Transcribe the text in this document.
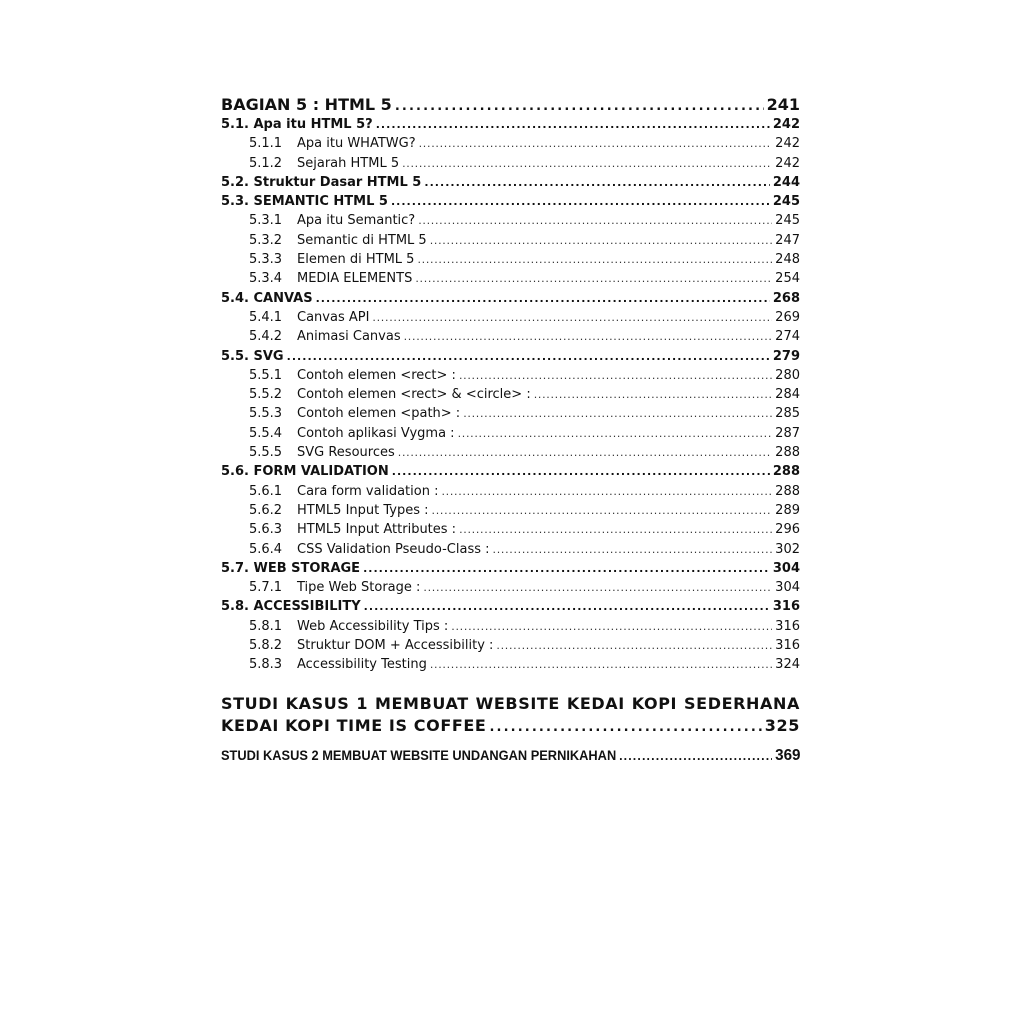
BAGIAN 5 : HTML 5 . . .	241
5.1. Apa itu HTML 5? . . .	242
5.1.1 Apa itu WHATWG? . . .	242
5.1.2 Sejarah HTML 5 . . .	242
5.2. Struktur Dasar HTML 5 . . .	244
5.3. SEMANTIC HTML 5 . . .	245
5.3.1 Apa itu Semantic? . . .	245
5.3.2 Semantic di HTML 5 . . .	247
5.3.3 Elemen di HTML 5 . . .	248
5.3.4 MEDIA ELEMENTS . . .	254
5.4. CANVAS . . .	268
5.4.1 Canvas API . . .	269
5.4.2 Animasi Canvas . . .	274
5.5. SVG . . .	279
5.5.1 Contoh elemen <rect> : . . .	280
5.5.2 Contoh elemen <rect> & <circle> : . . .	284
5.5.3 Contoh elemen <path> : . . .	285
5.5.4 Contoh aplikasi Vygma : . . .	287
5.5.5 SVG Resources . . .	288
5.6. FORM VALIDATION . . .	288
5.6.1 Cara form validation : . . .	288
5.6.2 HTML5 Input Types : . . .	289
5.6.3 HTML5 Input Attributes : . . .	296
5.6.4 CSS Validation Pseudo-Class : . . .	302
5.7. WEB STORAGE . . .	304
5.7.1 Tipe Web Storage : . . .	304
5.8. ACCESSIBILITY . . .	316
5.8.1 Web Accessibility Tips : . . .	316
5.8.2 Struktur DOM + Accessibility : . . .	316
5.8.3 Accessibility Testing . . .	324
STUDI KASUS 1 MEMBUAT WEBSITE KEDAI KOPI SEDERHANA
KEDAI KOPI TIME IS COFFEE . . .	325
STUDI KASUS 2 MEMBUAT WEBSITE UNDANGAN PERNIKAHAN . . .	369
